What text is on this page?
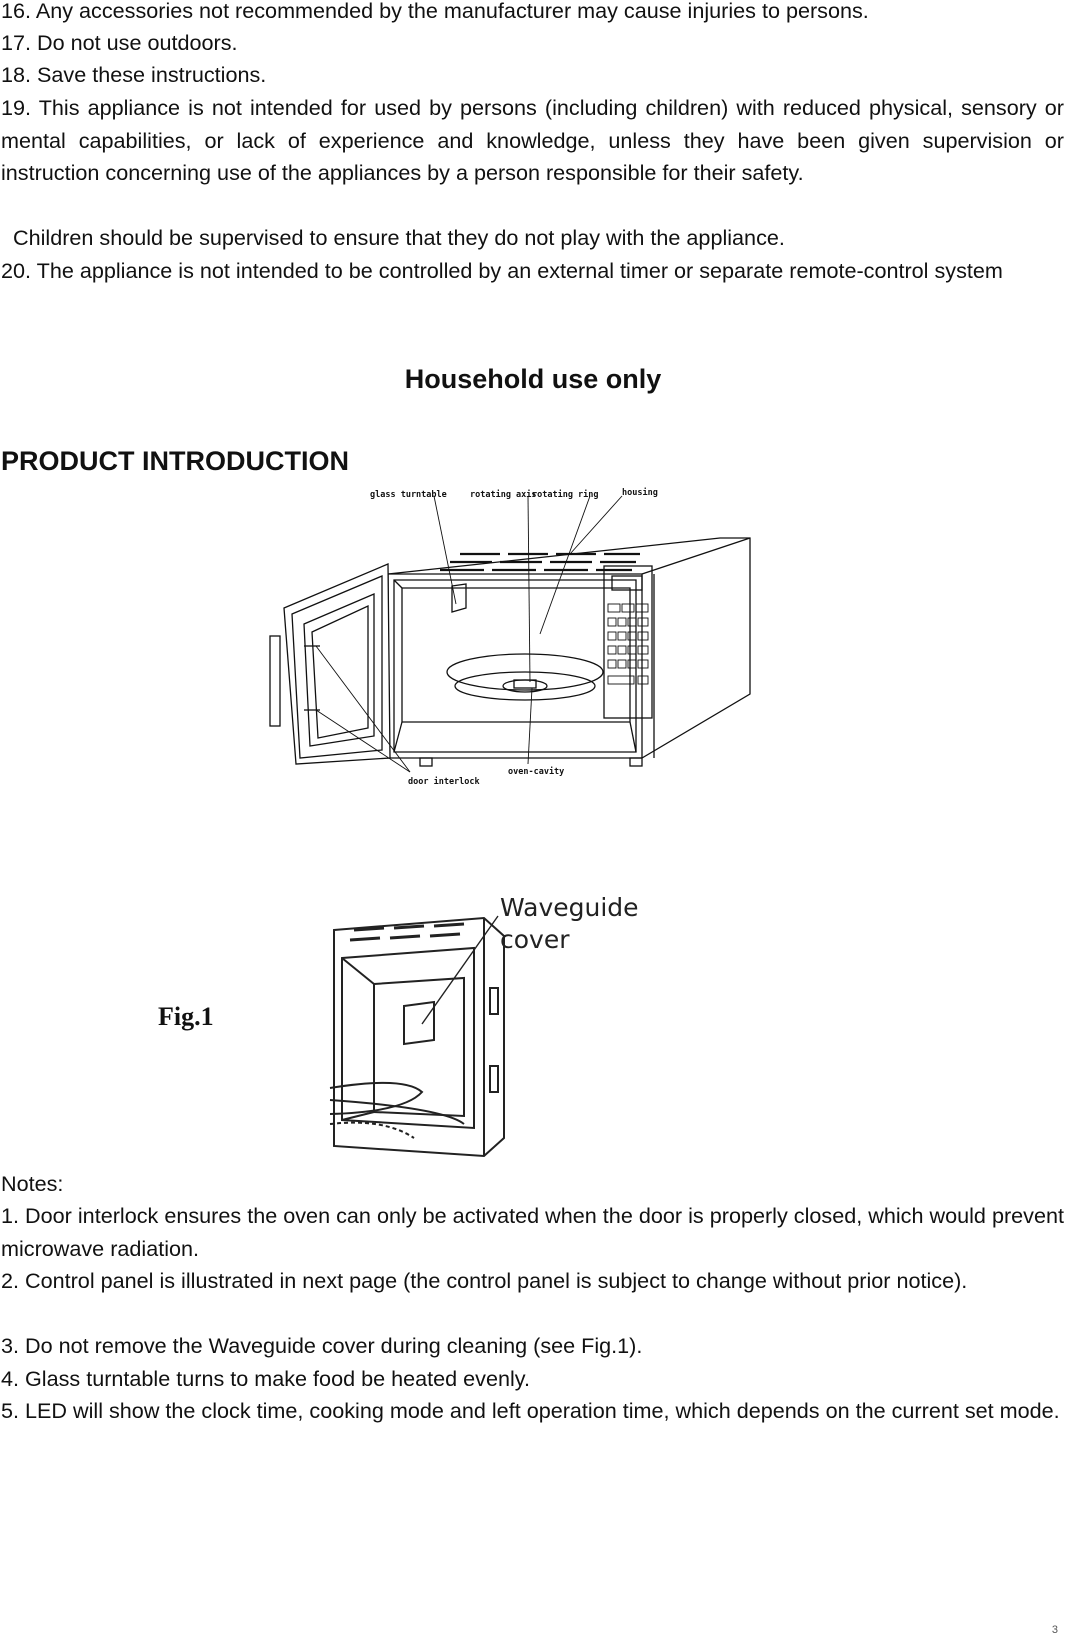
16. Any accessories not recommended by the manufacturer may cause injuries to persons.

17. Do not use outdoors.

18. Save these instructions.

19. This appliance is not intended for used by persons (including children) with reduced physical, sensory or mental capabilities, or lack of experience and knowledge, unless they have been given supervision or instruction concerning use of the appliances by a person responsible for their safety.

Children should be supervised to ensure that they do not play with the appliance.

20. The appliance is not intended to be controlled by an external timer or separate remote-control system

Household use only

PRODUCT INTRODUCTION

glass turntable	rotating axis
rotating ring	housing
door interlock
oven-cavity

Fig.1

Waveguide
cover

Notes:

1. Door interlock ensures the oven can only be activated when the door is properly closed, which would prevent microwave radiation.

2. Control panel is illustrated in next page (the control panel is subject to change without prior notice).

3. Do not remove the Waveguide cover during cleaning (see Fig.1).

4. Glass turntable turns to make food be heated evenly.

5. LED will show the clock time, cooking mode and left operation time, which depends on the current set mode.

3
